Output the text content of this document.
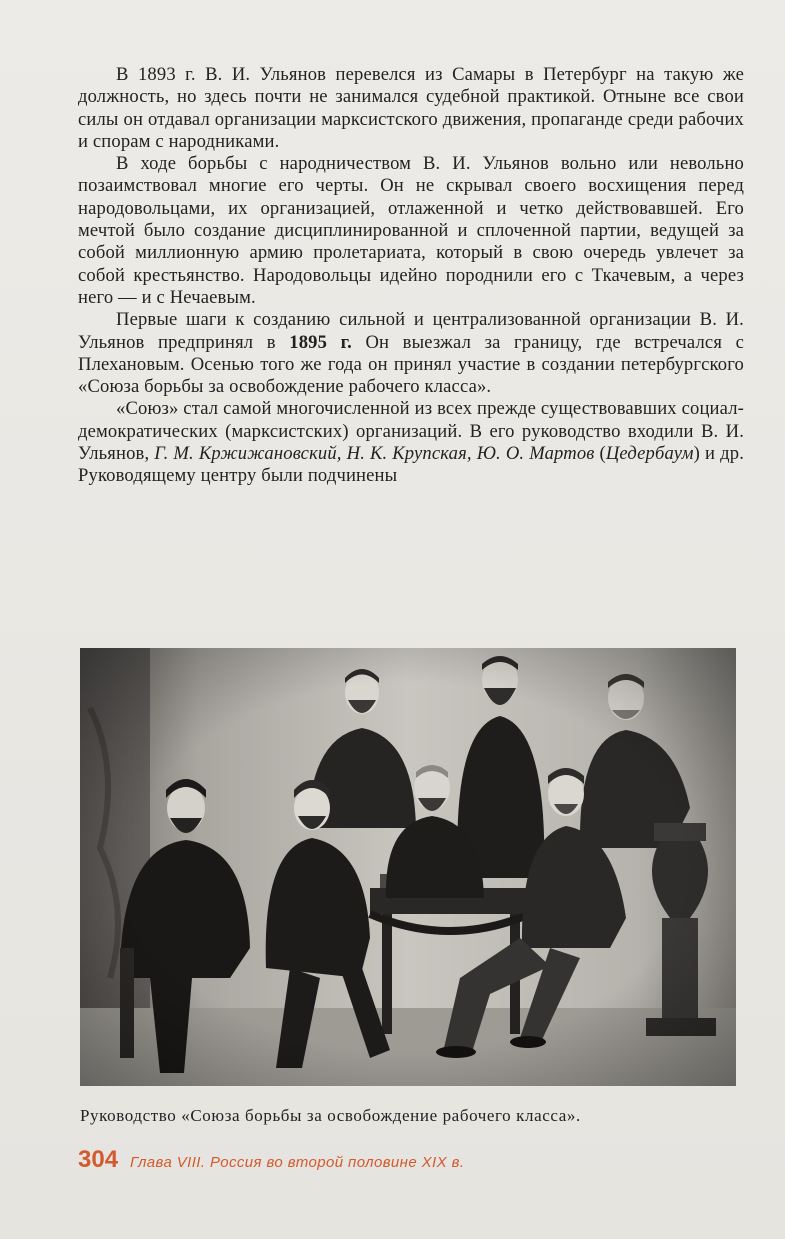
В 1893 г. В. И. Ульянов перевелся из Самары в Петербург на такую же должность, но здесь почти не занимался судебной практикой. Отныне все свои силы он отдавал организации марксистского движения, пропаганде среди рабочих и спорам с народниками.

В ходе борьбы с народничеством В. И. Ульянов вольно или невольно позаимствовал многие его черты. Он не скрывал своего восхищения перед народовольцами, их организацией, отлаженной и четко действовавшей. Его мечтой было создание дисциплинированной и сплоченной партии, ведущей за собой миллионную армию пролетариата, который в свою очередь увлечет за собой крестьянство. Народовольцы идейно породнили его с Ткачевым, а через него — и с Нечаевым.

Первые шаги к созданию сильной и централизованной организации В. И. Ульянов предпринял в 1895 г. Он выезжал за границу, где встречался с Плехановым. Осенью того же года он принял участие в создании петербургского «Союза борьбы за освобождение рабочего класса».

«Союз» стал самой многочисленной из всех прежде существовавших социал-демократических (марксистских) организаций. В его руководство входили В. И. Ульянов, Г. М. Кржижановский, Н. К. Крупская, Ю. О. Мартов (Цедербаум) и др. Руководящему центру были подчинены

Руководство «Союза борьбы за освобождение рабочего класса».
304 Глава VIII. Россия во второй половине XIX в.
